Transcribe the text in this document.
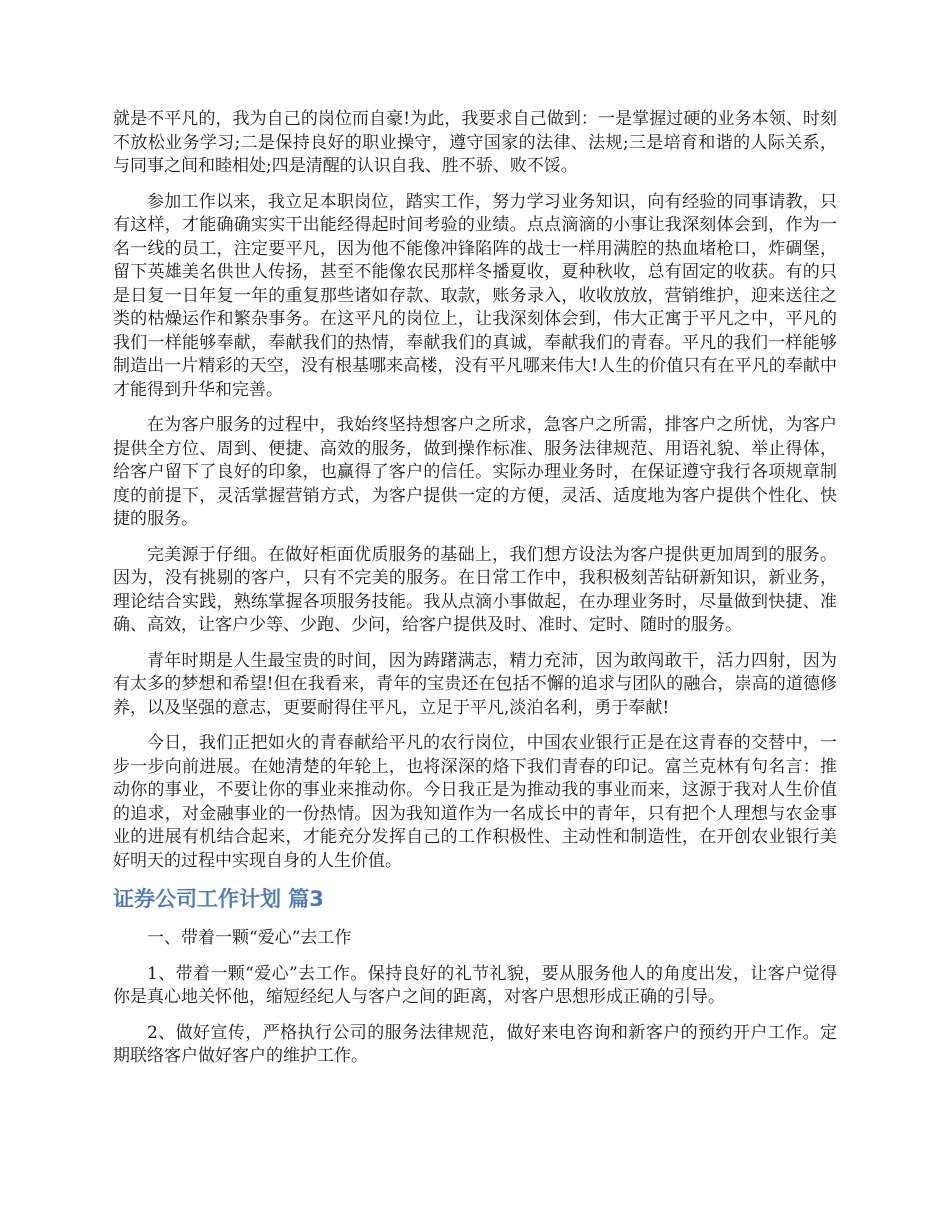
就是不平凡的，我为自己的岗位而自豪!为此，我要求自己做到：一是掌握过硬的业务本领、时刻不放松业务学习;二是保持良好的职业操守，遵守国家的法律、法规;三是培育和谐的人际关系，与同事之间和睦相处;四是清醒的认识自我、胜不骄、败不馁。

参加工作以来，我立足本职岗位，踏实工作，努力学习业务知识，向有经验的同事请教，只有这样，才能确确实实干出能经得起时间考验的业绩。点点滴滴的小事让我深刻体会到，作为一名一线的员工，注定要平凡，因为他不能像冲锋陷阵的战士一样用满腔的热血堵枪口，炸碉堡，留下英雄美名供世人传扬，甚至不能像农民那样冬播夏收，夏种秋收，总有固定的收获。有的只是日复一日年复一年的重复那些诸如存款、取款，账务录入，收收放放，营销维护，迎来送往之类的枯燥运作和繁杂事务。在这平凡的岗位上，让我深刻体会到，伟大正寓于平凡之中，平凡的我们一样能够奉献，奉献我们的热情，奉献我们的真诚，奉献我们的青春。平凡的我们一样能够制造出一片精彩的天空，没有根基哪来高楼，没有平凡哪来伟大!人生的价值只有在平凡的奉献中才能得到升华和完善。

在为客户服务的过程中，我始终坚持想客户之所求，急客户之所需，排客户之所忧，为客户提供全方位、周到、便捷、高效的服务，做到操作标准、服务法律规范、用语礼貌、举止得体，给客户留下了良好的印象，也赢得了客户的信任。实际办理业务时，在保证遵守我行各项规章制度的前提下，灵活掌握营销方式，为客户提供一定的方便，灵活、适度地为客户提供个性化、快捷的服务。

完美源于仔细。在做好柜面优质服务的基础上，我们想方设法为客户提供更加周到的服务。因为，没有挑剔的客户，只有不完美的服务。在日常工作中，我积极刻苦钻研新知识，新业务，理论结合实践，熟练掌握各项服务技能。我从点滴小事做起，在办理业务时，尽量做到快捷、准确、高效，让客户少等、少跑、少问，给客户提供及时、准时、定时、随时的服务。

青年时期是人生最宝贵的时间，因为踌躇满志，精力充沛，因为敢闯敢干，活力四射，因为有太多的梦想和希望!但在我看来，青年的宝贵还在包括不懈的追求与团队的融合，崇高的道德修养，以及坚强的意志，更要耐得住平凡，立足于平凡,淡泊名利，勇于奉献!

今日，我们正把如火的青春献给平凡的农行岗位，中国农业银行正是在这青春的交替中，一步一步向前进展。在她清楚的年轮上，也将深深的烙下我们青春的印记。富兰克林有句名言：推动你的事业，不要让你的事业来推动你。今日我正是为推动我的事业而来，这源于我对人生价值的追求，对金融事业的一份热情。因为我知道作为一名成长中的青年，只有把个人理想与农金事业的进展有机结合起来，才能充分发挥自己的工作积极性、主动性和制造性，在开创农业银行美好明天的过程中实现自身的人生价值。

证券公司工作计划 篇3

一、带着一颗“爱心”去工作

1、带着一颗“爱心”去工作。保持良好的礼节礼貌，要从服务他人的角度出发，让客户觉得你是真心地关怀他，缩短经纪人与客户之间的距离，对客户思想形成正确的引导。

2、做好宣传，严格执行公司的服务法律规范，做好来电咨询和新客户的预约开户工作。定期联络客户做好客户的维护工作。
